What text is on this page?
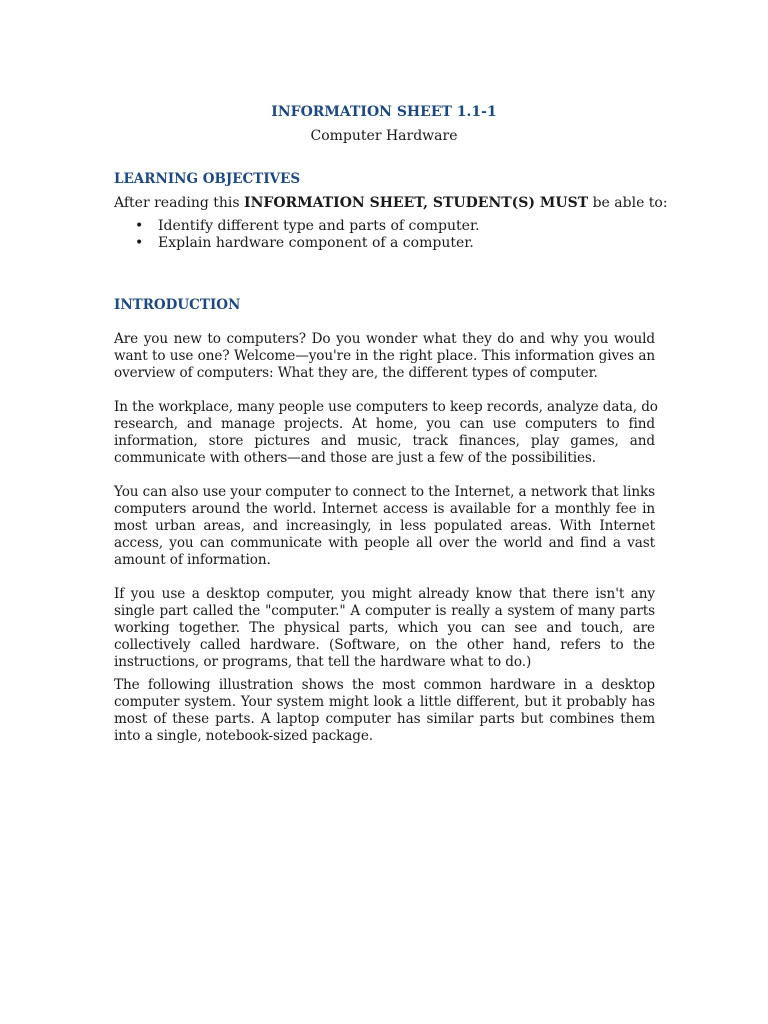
INFORMATION SHEET 1.1-1
Computer Hardware
LEARNING OBJECTIVES
After reading this INFORMATION SHEET, STUDENT(S) MUST be able to:
• Identify different type and parts of computer.
• Explain hardware component of a computer.
INTRODUCTION
Are you new to computers? Do you wonder what they do and why you would
want to use one? Welcome—you're in the right place. This information gives an
overview of computers: What they are, the different types of computer.
In the workplace, many people use computers to keep records, analyze data, do
research, and manage projects. At home, you can use computers to find
information, store pictures and music, track finances, play games, and
communicate with others—and those are just a few of the possibilities.
You can also use your computer to connect to the Internet, a network that links
computers around the world. Internet access is available for a monthly fee in
most urban areas, and increasingly, in less populated areas. With Internet
access, you can communicate with people all over the world and find a vast
amount of information.
If you use a desktop computer, you might already know that there isn't any
single part called the "computer." A computer is really a system of many parts
working together. The physical parts, which you can see and touch, are
collectively called hardware. (Software, on the other hand, refers to the
instructions, or programs, that tell the hardware what to do.)
The following illustration shows the most common hardware in a desktop
computer system. Your system might look a little different, but it probably has
most of these parts. A laptop computer has similar parts but combines them
into a single, notebook-sized package.
